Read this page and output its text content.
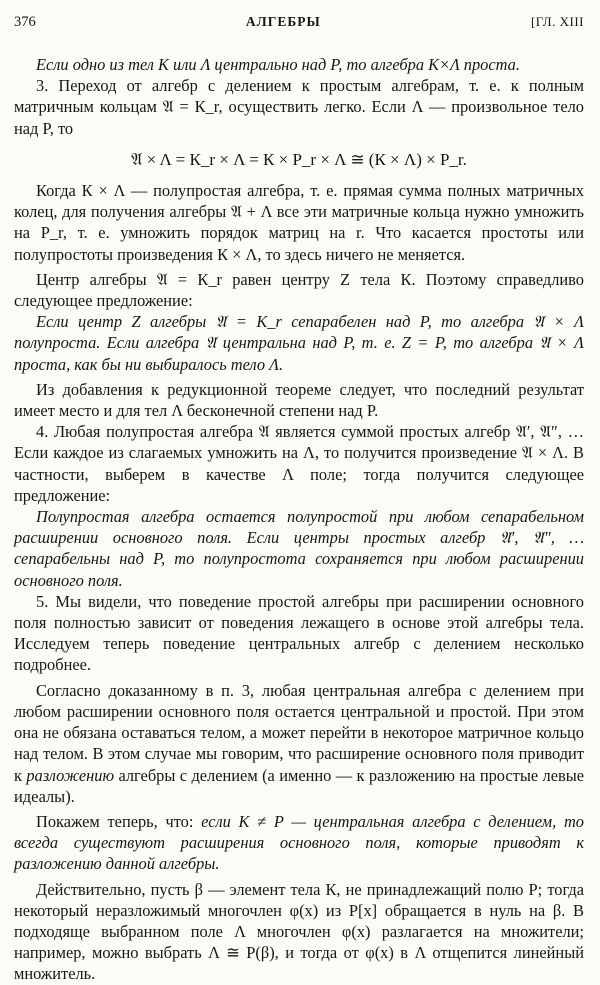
376	АЛГЕБРЫ	[ГЛ. XIII

Если одно из тел К или Λ центрально над P, то алгебра К×Λ проста.

3. Переход от алгебр с делением к простым алгебрам, т. е. к полным матричным кольцам 𝔄 = К_r, осуществить легко. Если Λ — произвольное тело над P, то

𝔄 × Λ = К_r × Λ = К × P_r × Λ ≅ (К × Λ) × P_r.

Когда К × Λ — полупростая алгебра, т. е. прямая сумма полных матричных колец, для получения алгебры 𝔄 + Λ все эти матричные кольца нужно умножить на P_r, т. е. умножить порядок матриц на r. Что касается простоты или полупростоты произведения К × Λ, то здесь ничего не меняется.

Центр алгебры 𝔄 = К_r равен центру Z тела К. Поэтому справедливо следующее предложение:

Если центр Z алгебры 𝔄 = К_r сепарабелен над P, то алгебра 𝔄 × Λ полупроста. Если алгебра 𝔄 центральна над P, т. е. Z = P, то алгебра 𝔄 × Λ проста, как бы ни выбиралось тело Λ.

Из добавления к редукционной теореме следует, что последний результат имеет место и для тел Λ бесконечной степени над P.

4. Любая полупростая алгебра 𝔄 является суммой простых алгебр 𝔄′, 𝔄″, … Если каждое из слагаемых умножить на Λ, то получится произведение 𝔄 × Λ. В частности, выберем в качестве Λ поле; тогда получится следующее предложение:

Полупростая алгебра остается полупростой при любом сепарабельном расширении основного поля. Если центры простых алгебр 𝔄′, 𝔄″, … сепарабельны над P, то полупростота сохраняется при любом расширении основного поля.

5. Мы видели, что поведение простой алгебры при расширении основного поля полностью зависит от поведения лежащего в основе этой алгебры тела. Исследуем теперь поведение центральных алгебр с делением несколько подробнее.

Согласно доказанному в п. 3, любая центральная алгебра с делением при любом расширении основного поля остается центральной и простой. При этом она не обязана оставаться телом, а может перейти в некоторое матричное кольцо над телом. В этом случае мы говорим, что расширение основного поля приводит к разложению алгебры с делением (а именно — к разложению на простые левые идеалы).

Покажем теперь, что: если К ≠ P — центральная алгебра с делением, то всегда существуют расширения основного поля, которые приводят к разложению данной алгебры.

Действительно, пусть β — элемент тела К, не принадлежащий полю P; тогда некоторый неразложимый многочлен φ(x) из P[x] обращается в нуль на β. В подходяще выбранном поле Λ многочлен φ(x) разлагается на множители; например, можно выбрать Λ ≅ P(β), и тогда от φ(x) в Λ отщепится линейный множитель.
